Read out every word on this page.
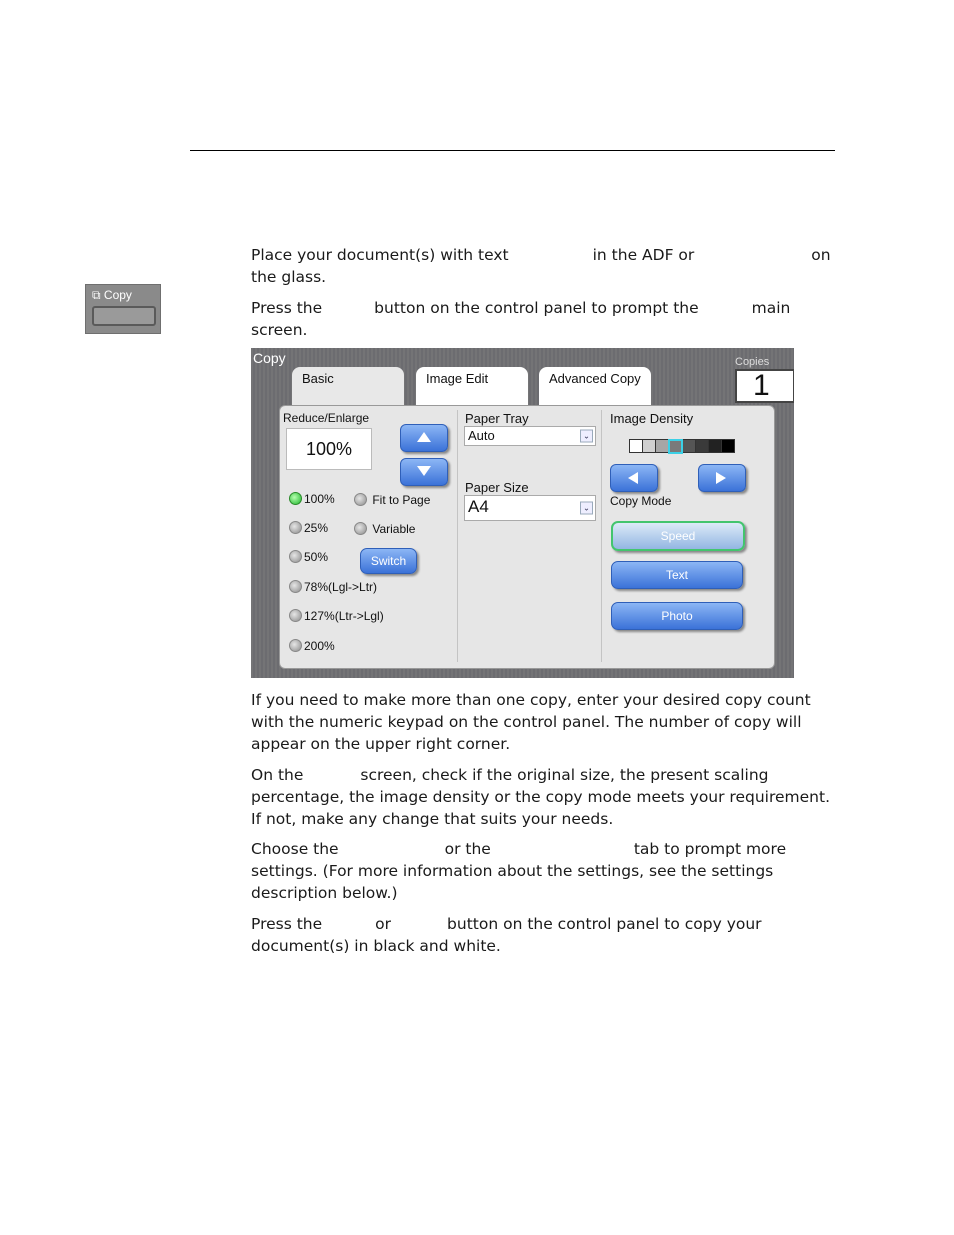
Place your document(s) with text	in the ADF or	on
the glass.
⧉ Copy
Press the	button on the control panel to prompt the	main
screen.
Copy
Basic	Image Edit	Advanced Copy
Copies
1
Reduce/Enlarge
100%
100%	Fit to Page
25%	Variable
50%	Switch
78%(Lgl->Ltr)
127%(Ltr->Lgl)
200%
Paper Tray
Auto	⌄
Paper Size
A4	⌄
Image Density
Copy Mode
Speed
Text
Photo
If you need to make more than one copy, enter your desired copy count
with the numeric keypad on the control panel. The number of copy will
appear on the upper right corner.
On the	screen, check if the original size, the present scaling
percentage, the image density or the copy mode meets your requirement.
If not, make any change that suits your needs.
Choose the	or the	tab to prompt more
settings. (For more information about the settings, see the settings
description below.)
Press the	or	button on the control panel to copy your
document(s) in black and white.
